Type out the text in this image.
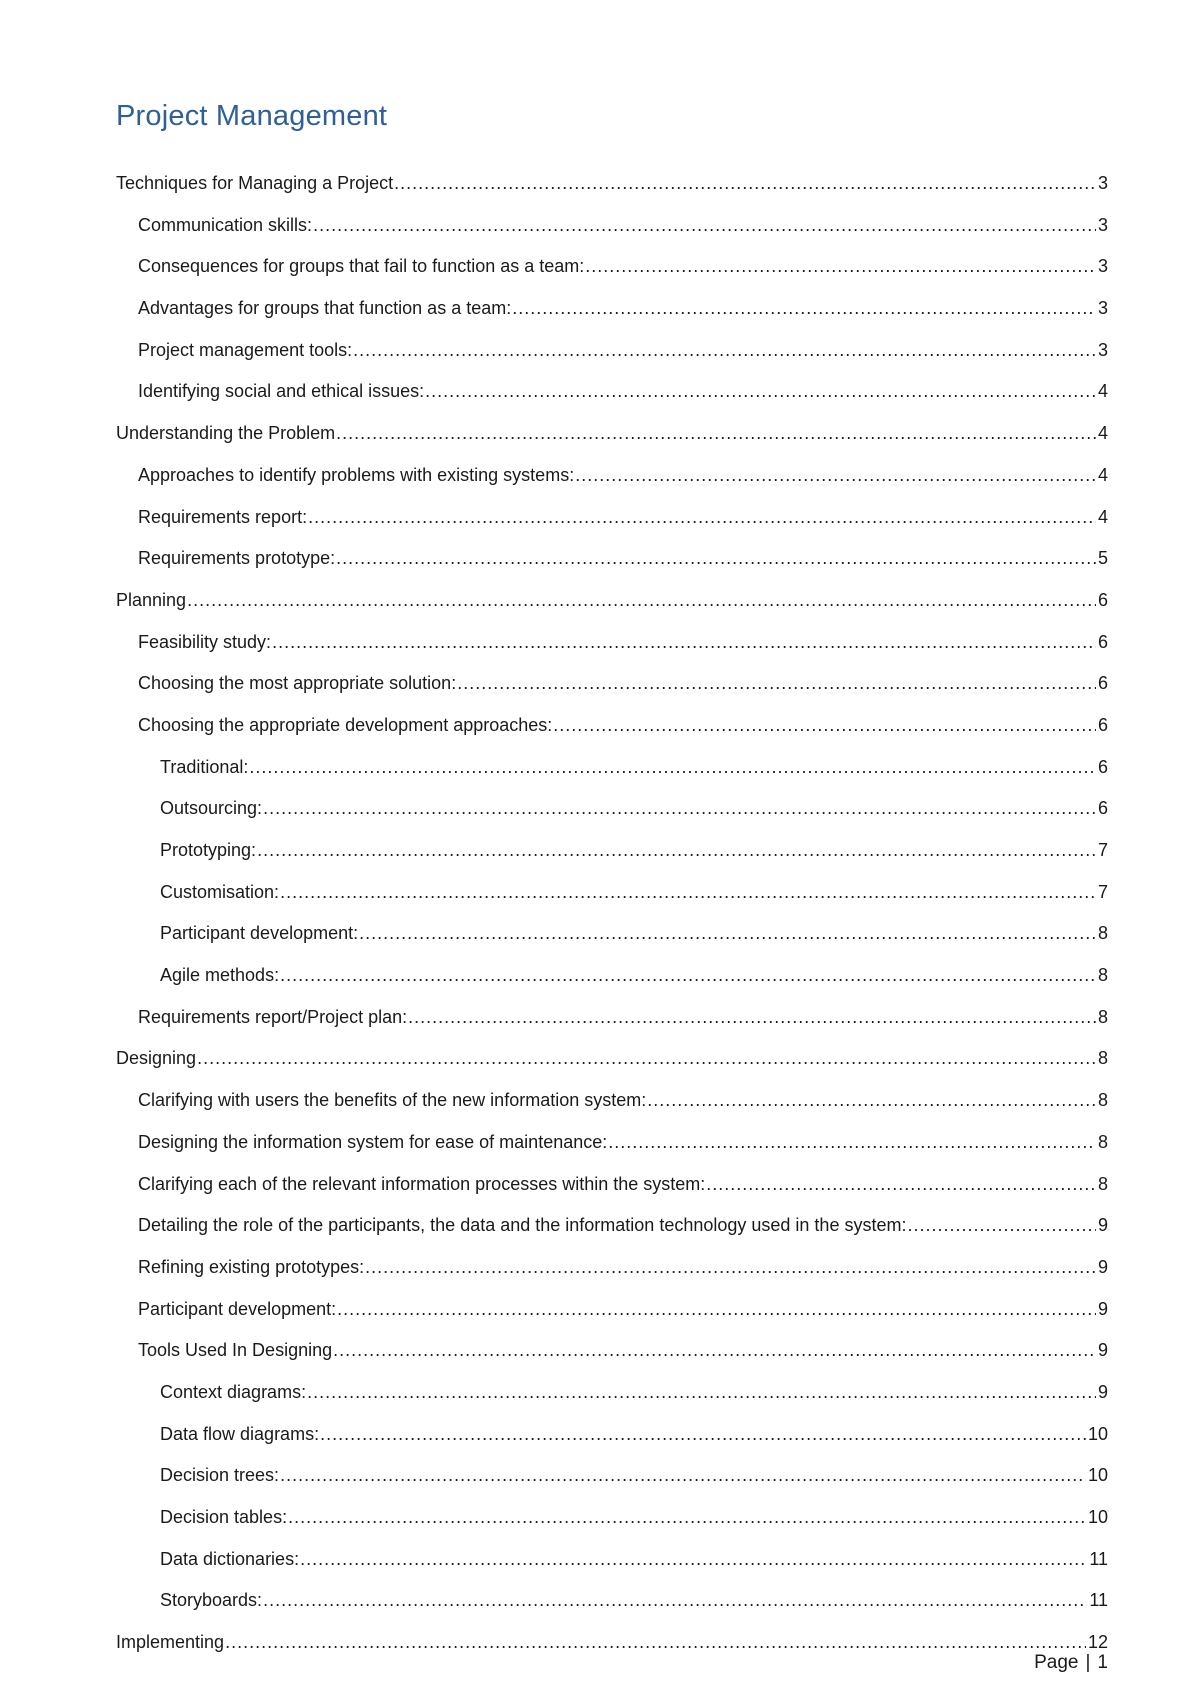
Project Management
Techniques for Managing a Project .....	3
Communication skills: .....	3
Consequences for groups that fail to function as a team: .....	3
Advantages for groups that function as a team: .....	3
Project management tools: .....	3
Identifying social and ethical issues: .....	4
Understanding the Problem .....	4
Approaches to identify problems with existing systems: .....	4
Requirements report: .....	4
Requirements prototype: .....	5
Planning .....	6
Feasibility study: .....	6
Choosing the most appropriate solution: .....	6
Choosing the appropriate development approaches: .....	6
Traditional: .....	6
Outsourcing: .....	6
Prototyping: .....	7
Customisation: .....	7
Participant development: .....	8
Agile methods: .....	8
Requirements report/Project plan: .....	8
Designing .....	8
Clarifying with users the benefits of the new information system: .....	8
Designing the information system for ease of maintenance: .....	8
Clarifying each of the relevant information processes within the system: .....	8
Detailing the role of the participants, the data and the information technology used in the system: .....	9
Refining existing prototypes: .....	9
Participant development: .....	9
Tools Used In Designing .....	9
Context diagrams: .....	9
Data flow diagrams: .....	10
Decision trees: .....	10
Decision tables: .....	10
Data dictionaries: .....	11
Storyboards: .....	11
Implementing .....	12
Page | 1
